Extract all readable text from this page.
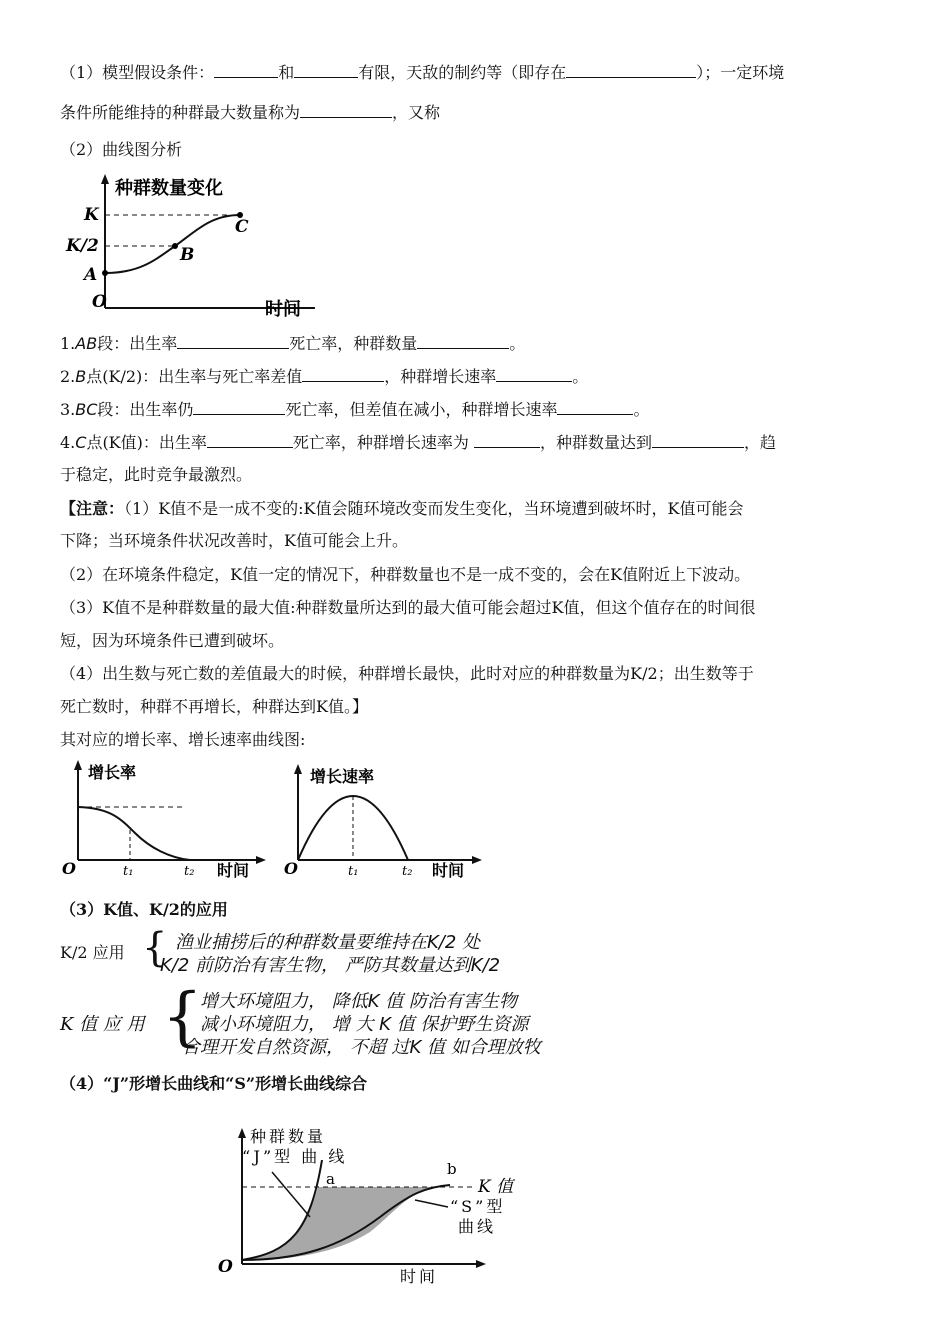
（1）模型假设条件：	和	有限，天敌的制约等（即存在	）；一定环境
条件所能维持的种群最大数量称为	，又称
（2）曲线图分析
种群数量变化
K
K/2
A
B
C
O	时间
1.AB段：出生率	死亡率，种群数量	。
2.B点(K/2)：出生率与死亡率差值	，种群增长速率	。
3.BC段：出生率仍	死亡率，但差值在减小，种群增长速率	。
4.C点(K值)：出生率	死亡率，种群增长速率为	，种群数量达到	，趋
于稳定，此时竞争最激烈。
【注意：（1）K值不是一成不变的:K值会随环境改变而发生变化，当环境遭到破坏时，K值可能会
下降；当环境条件状况改善时，K值可能会上升。
（2）在环境条件稳定，K值一定的情况下，种群数量也不是一成不变的，会在K值附近上下波动。
（3）K值不是种群数量的最大值:种群数量所达到的最大值可能会超过K值，但这个值存在的时间很
短，因为环境条件已遭到破坏。
（4）出生数与死亡数的差值最大的时候，种群增长最快，此时对应的种群数量为K/2；出生数等于
死亡数时，种群不再增长，种群达到K值。】
其对应的增长率、增长速率曲线图:
增长率
O	t₁	t₂ 时间
增长速率
O	t₁	t₂ 时间
（3）K值、K/2的应用
K/2 应用 { 渔业捕捞后的种群数量要维持在K/2 处
K/2 前防治有害生物， 严防其数量达到K/2
K 值 应 用 {
增大环境阻力， 降低K 值 防治有害生物
减小环境阻力， 增 大 K 值 保护野生资源
合理开发自然资源， 不超 过K 值 如合理放牧
（4）“J”形增长曲线和“S”形增长曲线综合
种群数量
“J”型 曲 线
a
b
K 值
“S”型
曲线
O	时间
